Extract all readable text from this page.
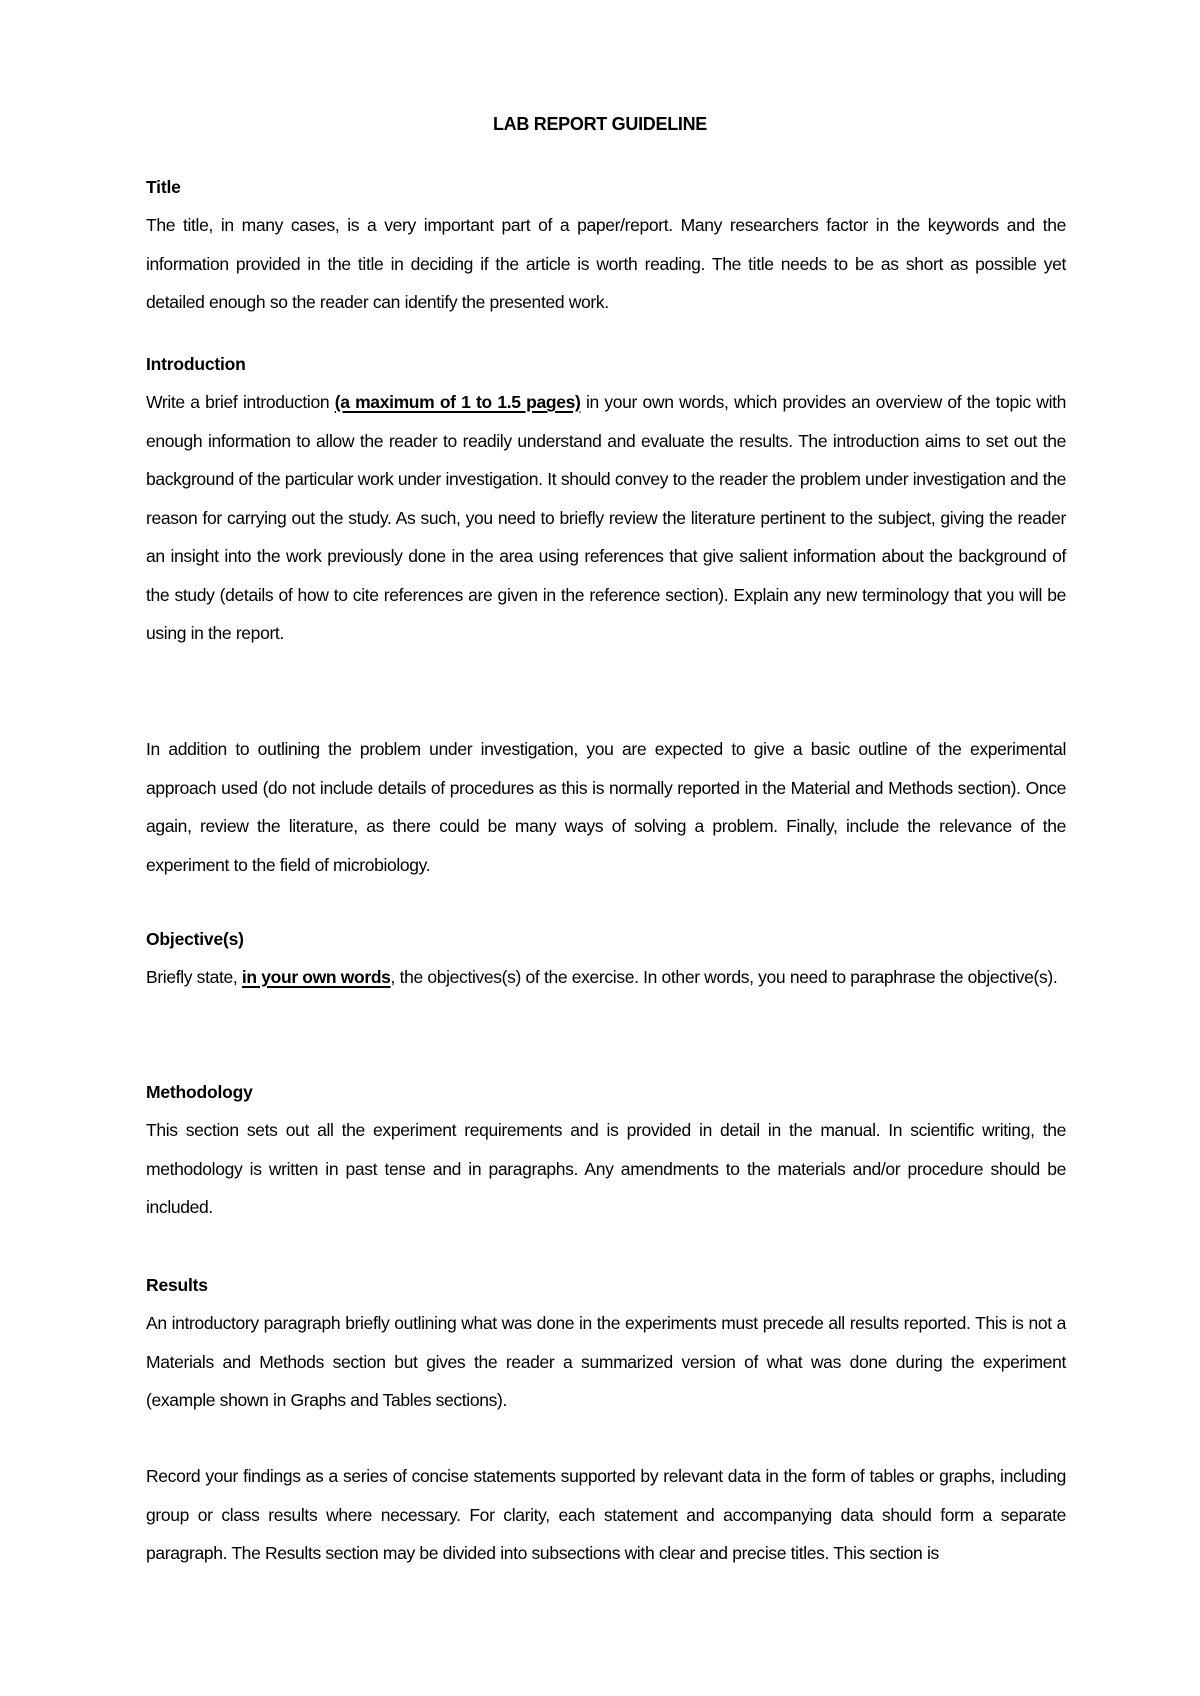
LAB REPORT GUIDELINE
Title

The title, in many cases, is a very important part of a paper/report. Many researchers factor in the keywords and the information provided in the title in deciding if the article is worth reading. The title needs to be as short as possible yet detailed enough so the reader can identify the presented work.

Introduction

Write a brief introduction (a maximum of 1 to 1.5 pages) in your own words, which provides an overview of the topic with enough information to allow the reader to readily understand and evaluate the results. The introduction aims to set out the background of the particular work under investigation. It should convey to the reader the problem under investigation and the reason for carrying out the study. As such, you need to briefly review the literature pertinent to the subject, giving the reader an insight into the work previously done in the area using references that give salient information about the background of the study (details of how to cite references are given in the reference section). Explain any new terminology that you will be using in the report.

In addition to outlining the problem under investigation, you are expected to give a basic outline of the experimental approach used (do not include details of procedures as this is normally reported in the Material and Methods section). Once again, review the literature, as there could be many ways of solving a problem. Finally, include the relevance of the experiment to the field of microbiology.

Objective(s)

Briefly state, in your own words, the objectives(s) of the exercise. In other words, you need to paraphrase the objective(s).

Methodology

This section sets out all the experiment requirements and is provided in detail in the manual. In scientific writing, the methodology is written in past tense and in paragraphs. Any amendments to the materials and/or procedure should be included.

Results

An introductory paragraph briefly outlining what was done in the experiments must precede all results reported. This is not a Materials and Methods section but gives the reader a summarized version of what was done during the experiment (example shown in Graphs and Tables sections).

Record your findings as a series of concise statements supported by relevant data in the form of tables or graphs, including group or class results where necessary. For clarity, each statement and accompanying data should form a separate paragraph. The Results section may be divided into subsections with clear and precise titles. This section is
